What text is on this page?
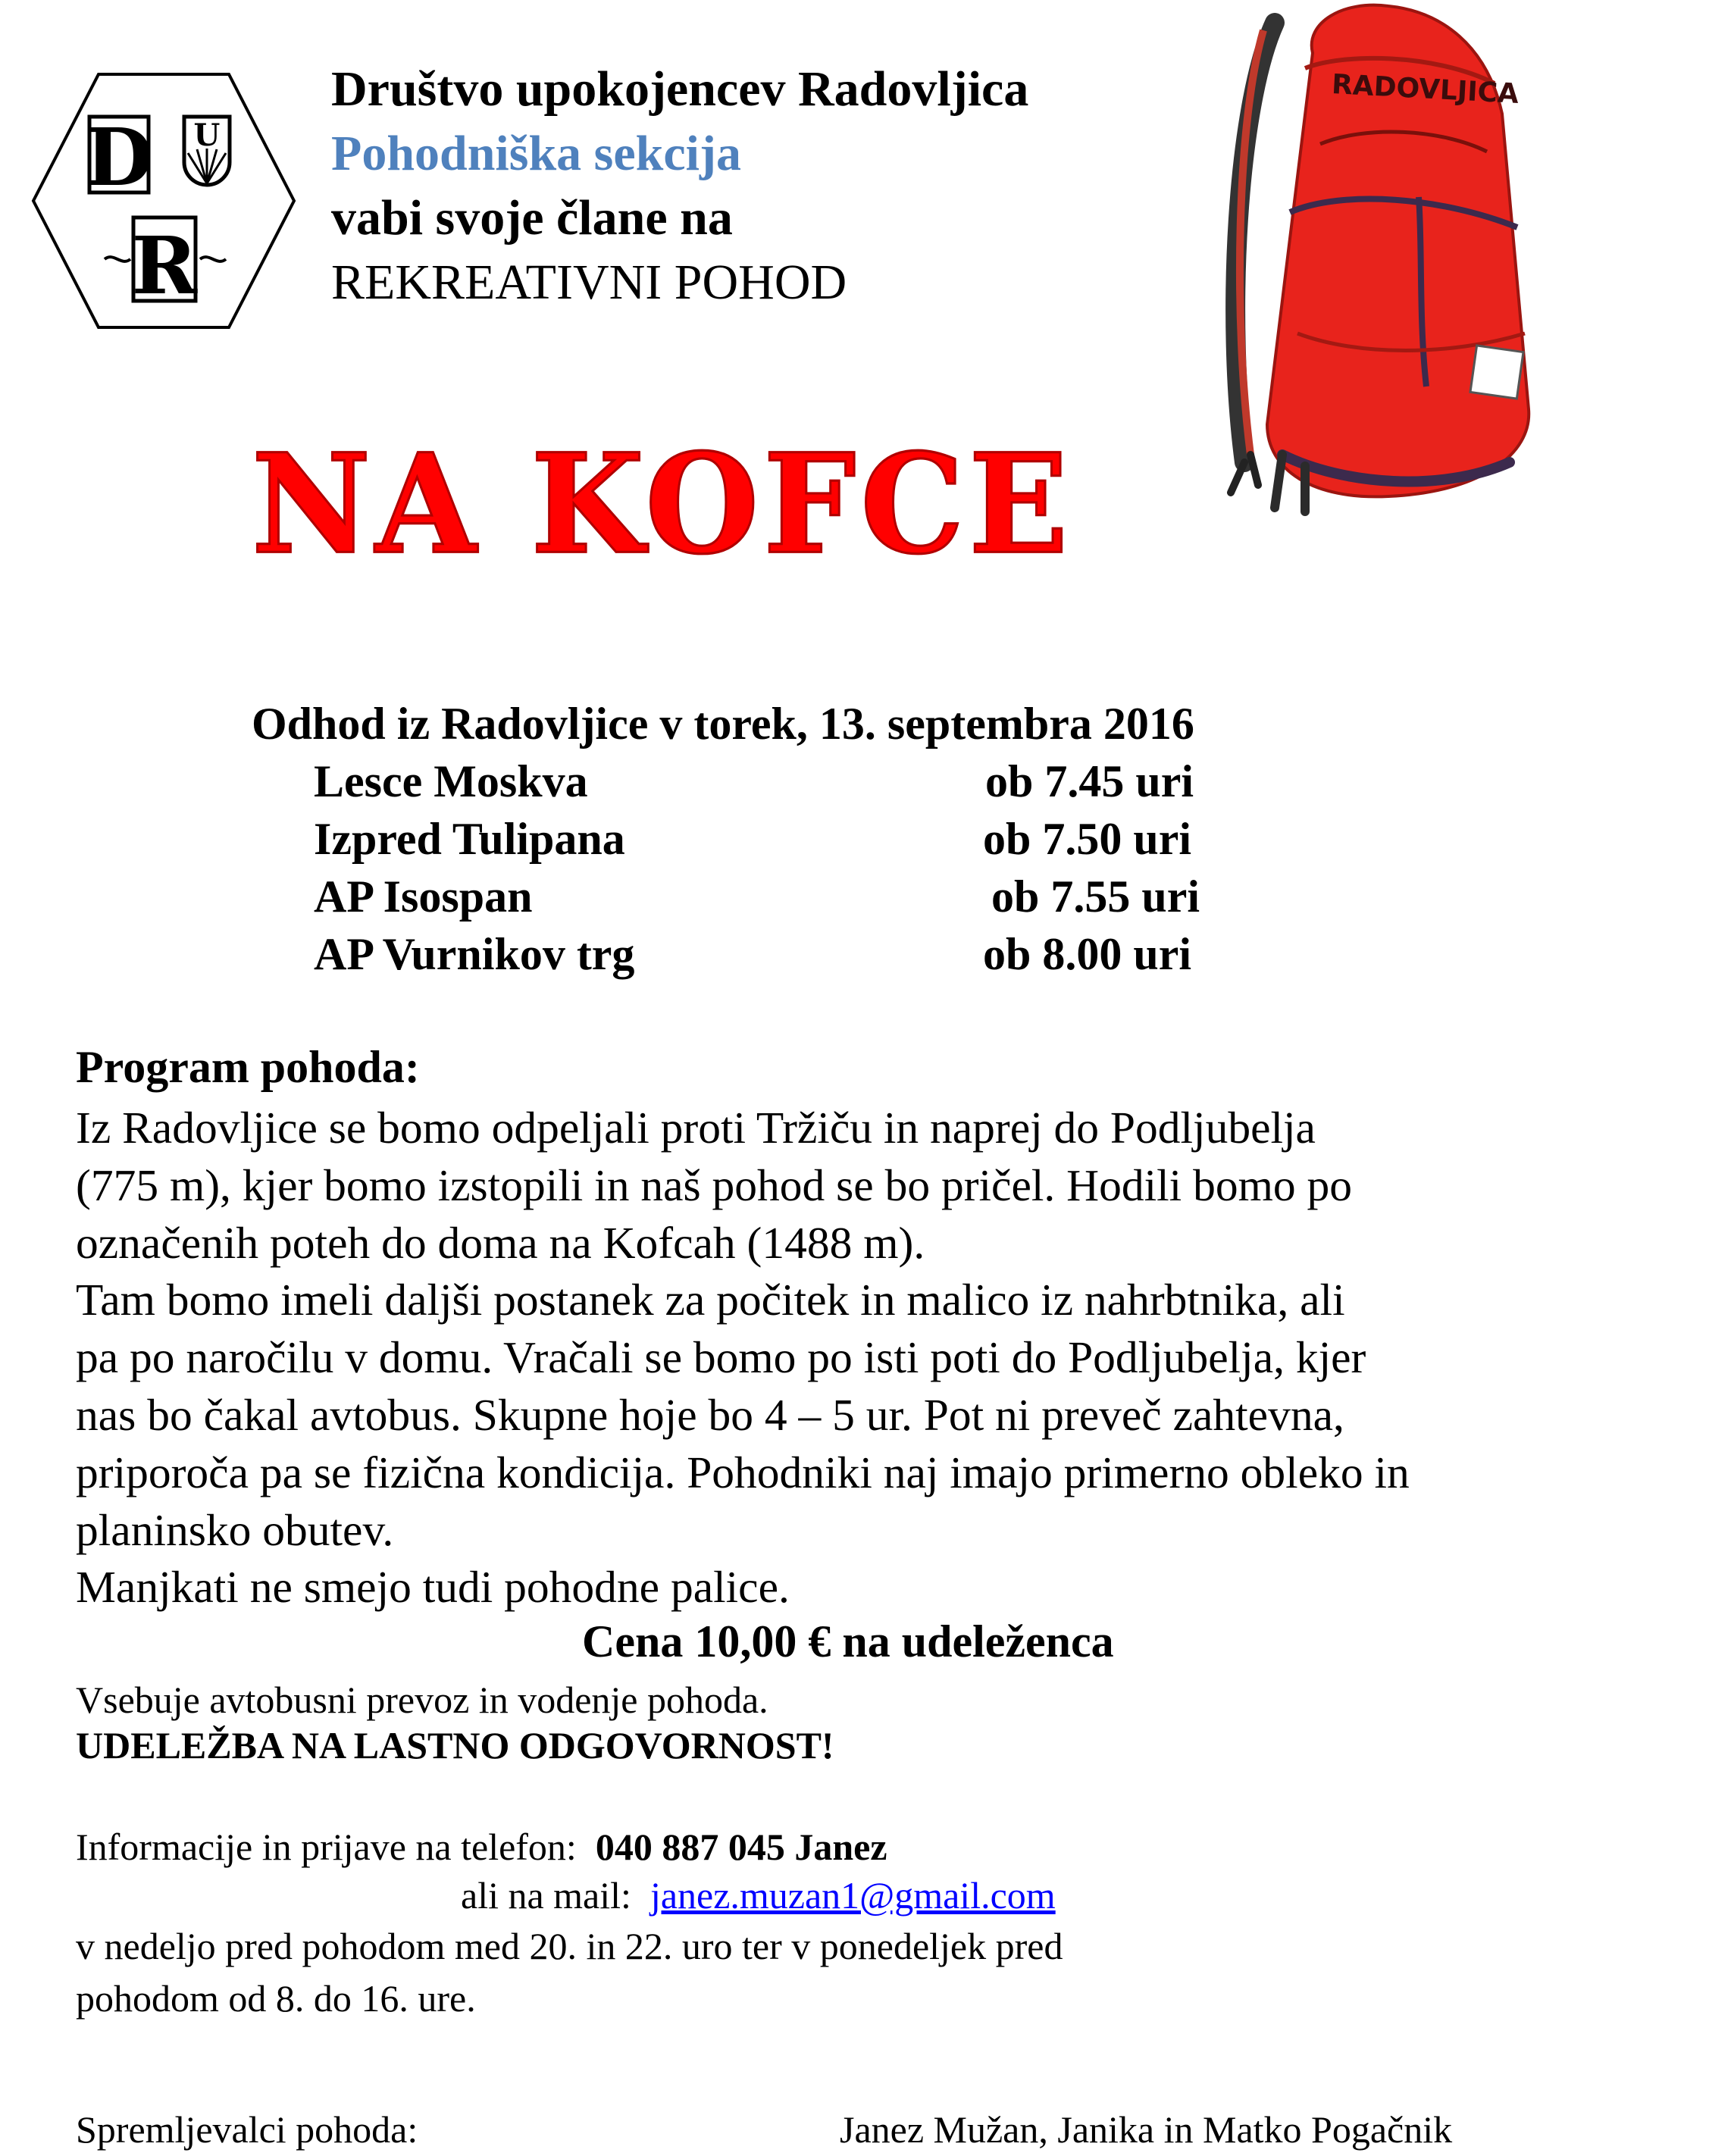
D U
R
Društvo upokojencev Radovljica
Pohodniška sekcija
vabi svoje člane na
REKREATIVNI POHOD
RADOVLJICA
NA KOFCE
Odhod iz Radovljice v torek, 13. septembra 2016
Lesce Moskva	ob 7.45 uri
Izpred Tulipana	ob 7.50 uri
AP Isospan	ob 7.55 uri
AP Vurnikov trg	ob 8.00 uri
Program pohoda:

Iz Radovljice se bomo odpeljali proti Tržiču in naprej do Podljubelja

(775 m), kjer bomo izstopili in naš pohod se bo pričel. Hodili bomo po

označenih poteh do doma na Kofcah (1488 m).

Tam bomo imeli daljši postanek za počitek in malico iz nahrbtnika, ali

pa po naročilu v domu. Vračali se bomo po isti poti do Podljubelja, kjer

nas bo čakal avtobus. Skupne hoje bo 4 – 5 ur. Pot ni preveč zahtevna,

priporoča pa se fizična kondicija. Pohodniki naj imajo primerno obleko in

planinsko obutev.

Manjkati ne smejo tudi pohodne palice.

Cena 10,00 € na udeleženca
Vsebuje avtobusni prevoz in vodenje pohoda.
UDELEŽBA NA LASTNO ODGOVORNOST!
Informacije in prijave na telefon: 040 887 045 Janez
ali na mail: janez.muzan1@gmail.com
v nedeljo pred pohodom med 20. in 22. uro ter v ponedeljek pred
pohodom od 8. do 16. ure.
Spremljevalci pohoda:	Janez Mužan, Janika in Matko Pogačnik
